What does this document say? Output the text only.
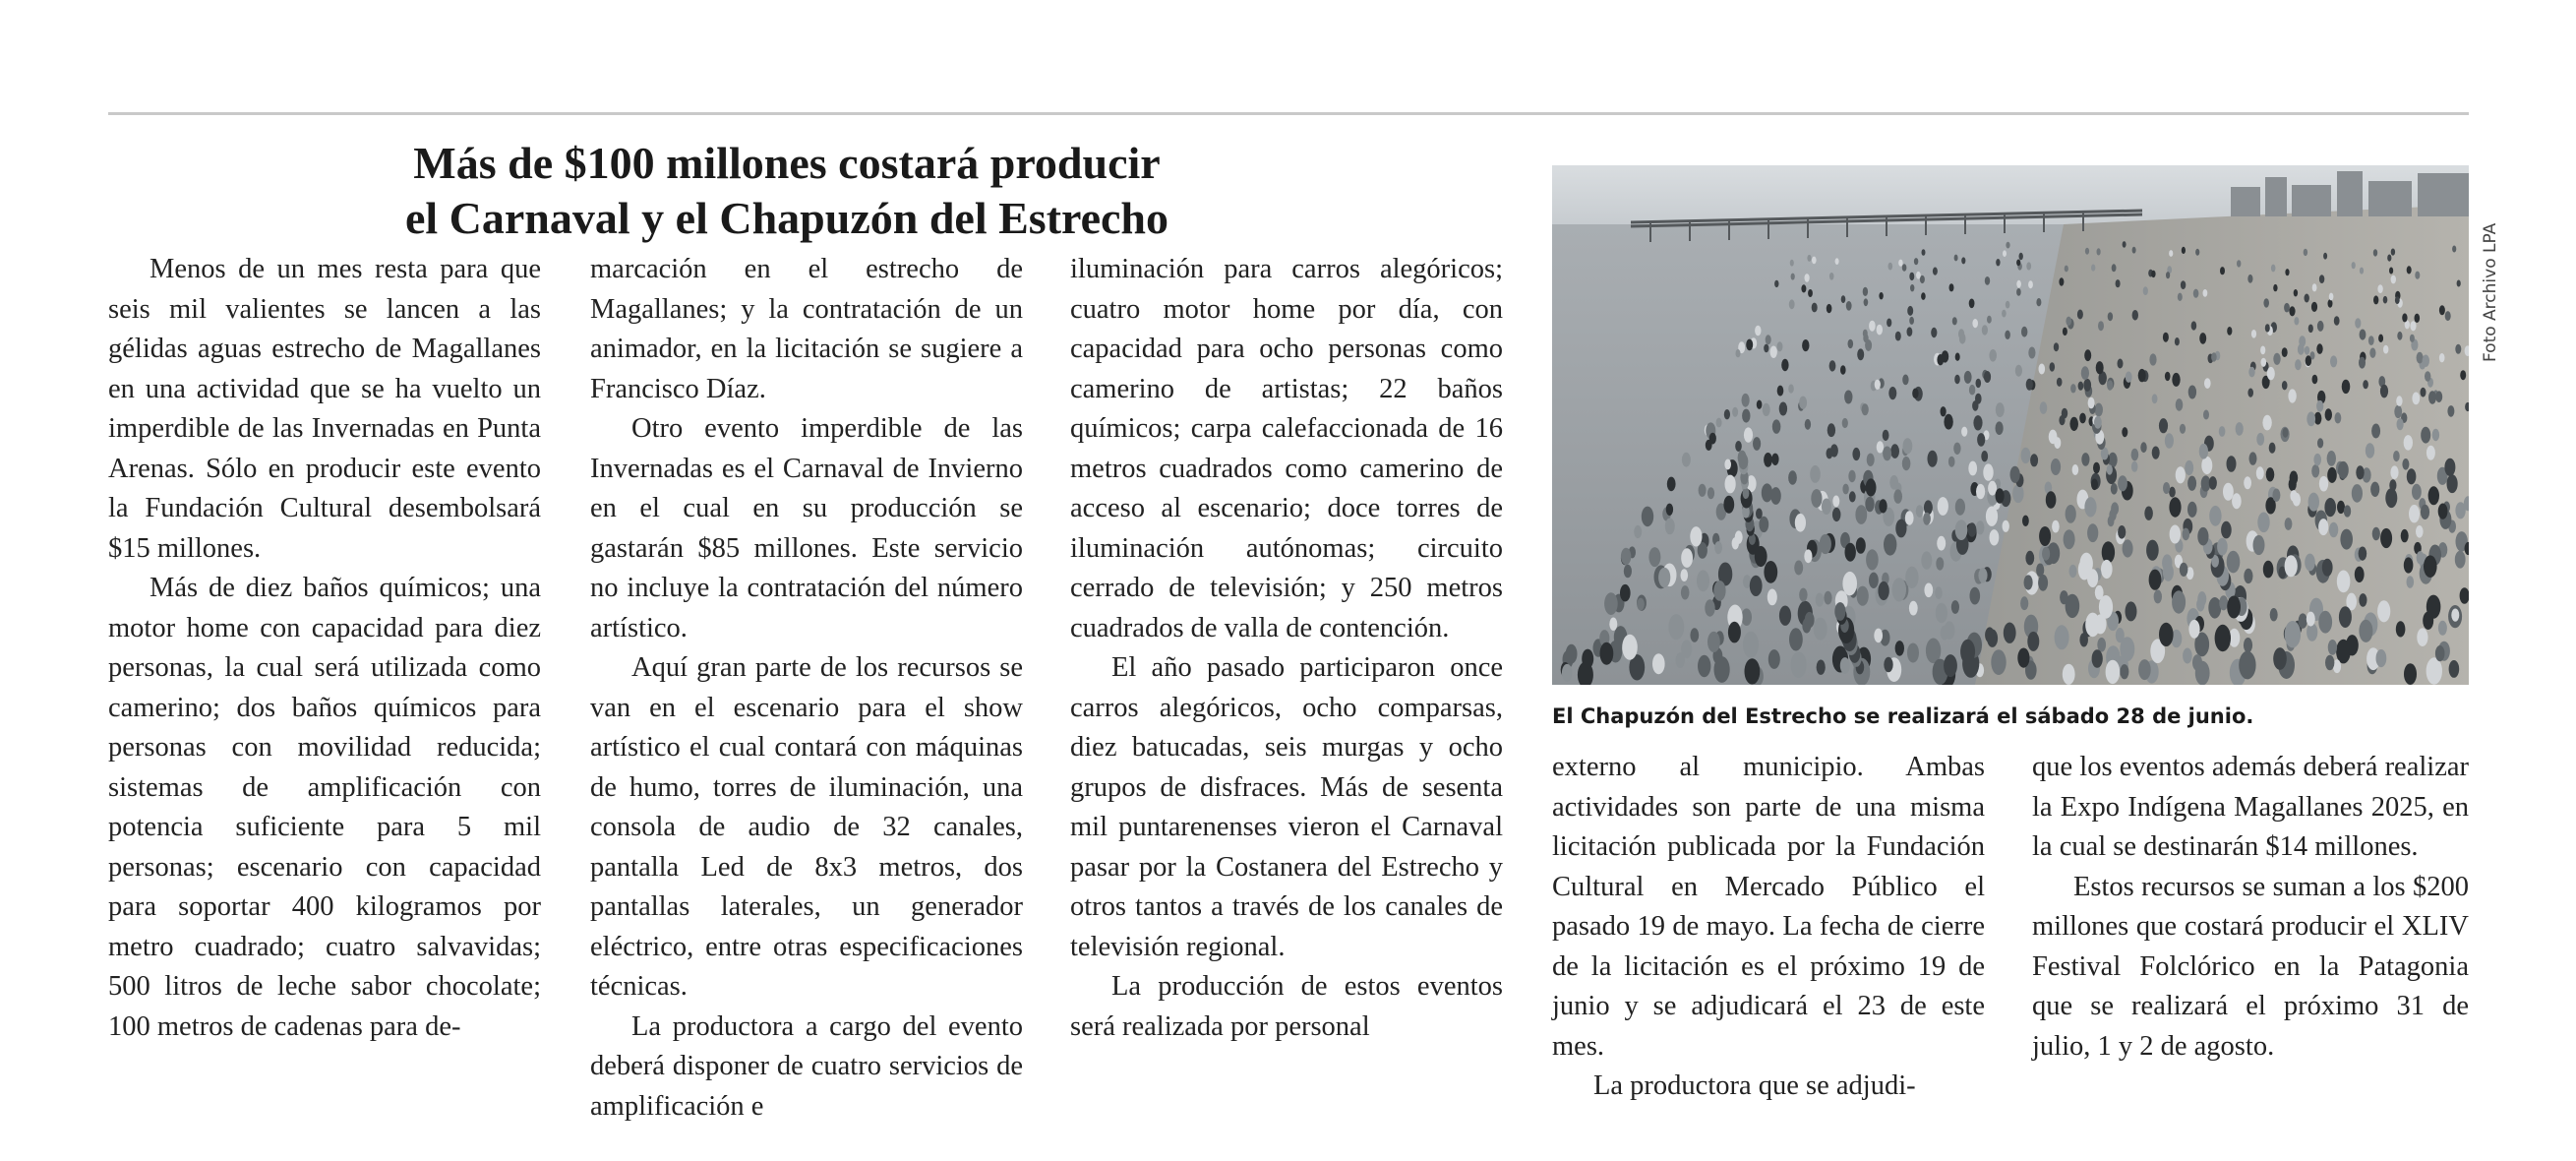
Más de $100 millones costará producir
el Carnaval y el Chapuzón del Estrecho

Menos de un mes resta para que seis mil valientes se lancen a las gélidas aguas estrecho de Magallanes en una actividad que se ha vuelto un imperdible de las Invernadas en Punta Arenas. Sólo en producir este evento la Fundación Cultural desembolsará $15 millones.

Más de diez baños químicos; una motor home con capacidad para diez personas, la cual será utilizada como camerino; dos baños químicos para personas con movilidad reducida; sistemas de amplificación con potencia suficiente para 5 mil personas; escenario con capacidad para soportar 400 kilogramos por metro cuadrado; cuatro salvavidas; 500 litros de leche sabor chocolate; 100 metros de cadenas para de-

marcación en el estrecho de Magallanes; y la contratación de un animador, en la licitación se sugiere a Francisco Díaz.

Otro evento imperdible de las Invernadas es el Carnaval de Invierno en el cual en su producción se gastarán $85 millones. Este servicio no incluye la contratación del número artístico.

Aquí gran parte de los recursos se van en el escenario para el show artístico el cual contará con máquinas de humo, torres de iluminación, una consola de audio de 32 canales, pantalla Led de 8x3 metros, dos pantallas laterales, un generador eléctrico, entre otras especificaciones técnicas.

La productora a cargo del evento deberá disponer de cuatro servicios de amplificación e

iluminación para carros alegóricos; cuatro motor home por día, con capacidad para ocho personas como camerino de artistas; 22 baños químicos; carpa calefaccionada de 16 metros cuadrados como camerino de acceso al escenario; doce torres de iluminación autónomas; circuito cerrado de televisión; y 250 metros cuadrados de valla de contención.

El año pasado participaron once carros alegóricos, ocho comparsas, diez batucadas, seis murgas y ocho grupos de disfraces. Más de sesenta mil puntarenenses vieron el Carnaval pasar por la Costanera del Estrecho y otros tantos a través de los canales de televisión regional.

La producción de estos eventos será realizada por personal

Foto Archivo LPA
El Chapuzón del Estrecho se realizará el sábado 28 de junio.

externo al municipio. Ambas actividades son parte de una misma licitación publicada por la Fundación Cultural en Mercado Público el pasado 19 de mayo. La fecha de cierre de la licitación es el próximo 19 de junio y se adjudicará el 23 de este mes.

La productora que se adjudi-

que los eventos además deberá realizar la Expo Indígena Magallanes 2025, en la cual se destinarán $14 millones.

Estos recursos se suman a los $200 millones que costará producir el XLIV Festival Folclórico en la Patagonia que se realizará el próximo 31 de julio, 1 y 2 de agosto.
